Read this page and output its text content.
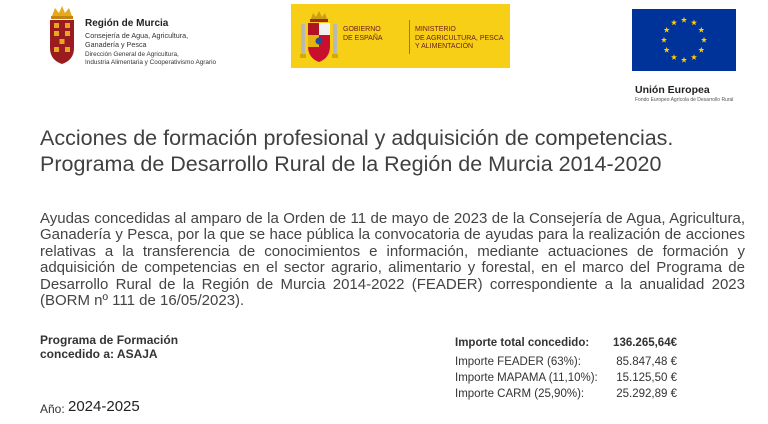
Región de Murcia
Consejería de Agua, Agricultura,
Ganadería y Pesca
Dirección General de Agricultura,
Industria Alimentaria y Cooperativismo Agrario
GOBIERNO
DE ESPAÑA
MINISTERIO
DE AGRICULTURA, PESCA
Y ALIMENTACIÓN
Unión Europea
Fondo Europeo Agrícola de Desarrollo Rural
Acciones de formación profesional y adquisición de competencias.
Programa de Desarrollo Rural de la Región de Murcia 2014-2020
Ayudas concedidas al amparo de la Orden de 11 de mayo de 2023 de la Consejería de Agua, Agricultura, Ganadería y Pesca, por la que se hace pública la convocatoria de ayudas para la realización de acciones relativas a la transferencia de conocimientos e información, mediante actuaciones de formación y adquisición de competencias en el sector agrario, alimentario y forestal, en el marco del Programa de Desarrollo Rural de la Región de Murcia 2014-2022 (FEADER) correspondiente a la anualidad 2023 (BORM nº 111 de 16/05/2023).
Programa de Formación
concedido a: ASAJA
Año: 2024-2025
Importe total concedido: 136.265,64€
Importe FEADER (63%):	85.847,48 €
Importe MAPAMA (11,10%): 15.125,50 €
Importe CARM (25,90%):	25.292,89 €
